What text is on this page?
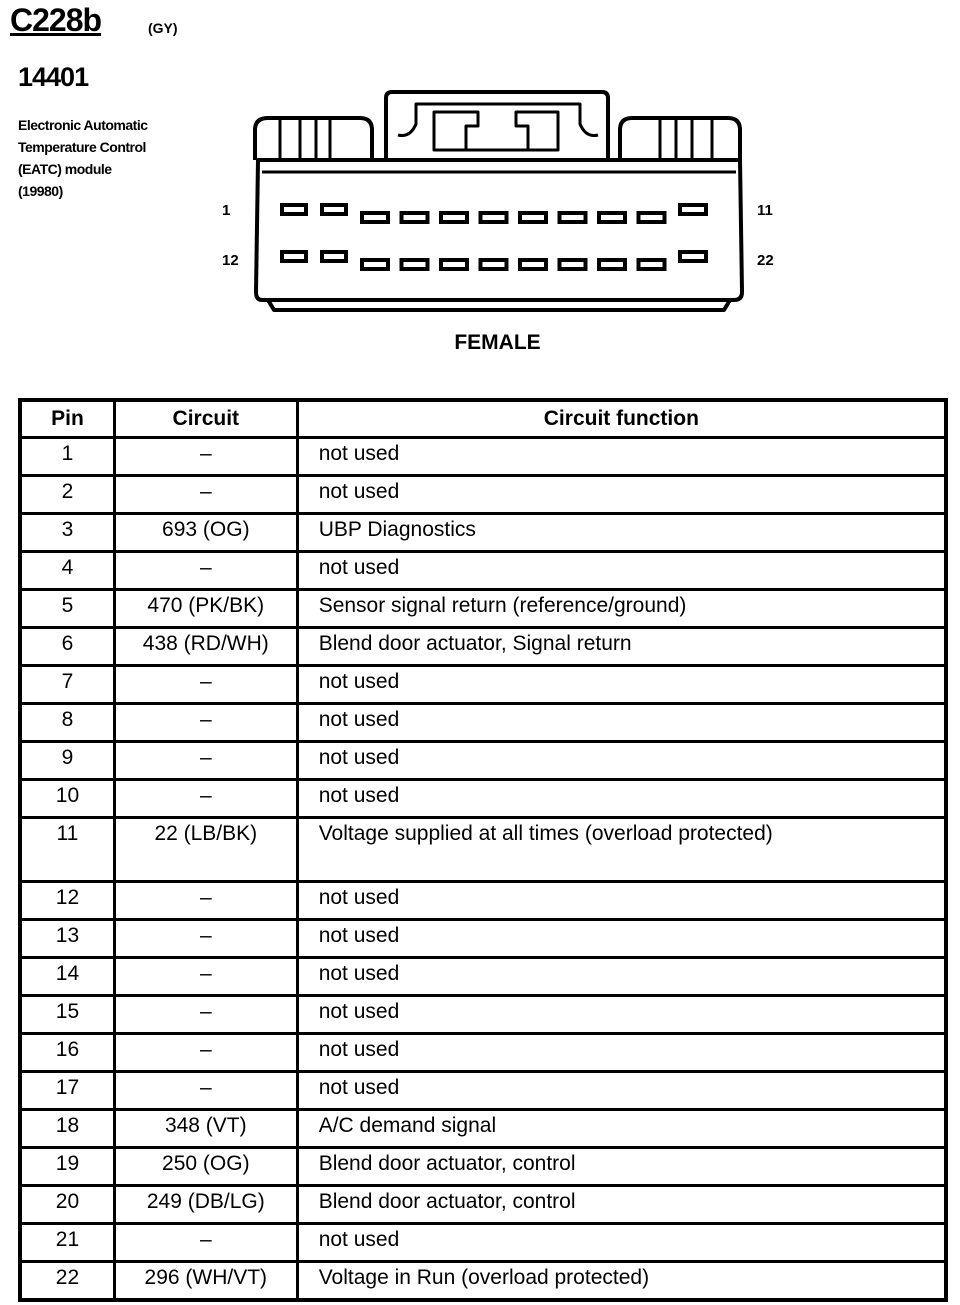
C228b	(GY)
14401
Electronic Automatic
Temperature Control
(EATC) module
(19980)
1	11
12	22
FEMALE
Pin	Circuit	Circuit function
1	–	not used
2	–	not used
3	693 (OG)	UBP Diagnostics
4	–	not used
5	470 (PK/BK)	Sensor signal return (reference/ground)
6	438 (RD/WH)	Blend door actuator, Signal return
7	–	not used
8	–	not used
9	–	not used
10	–	not used
11	22 (LB/BK)	Voltage supplied at all times (overload protected)
12	–	not used
13	–	not used
14	–	not used
15	–	not used
16	–	not used
17	–	not used
18	348 (VT)	A/C demand signal
19	250 (OG)	Blend door actuator, control
20	249 (DB/LG)	Blend door actuator, control
21	–	not used
22	296 (WH/VT)	Voltage in Run (overload protected)
